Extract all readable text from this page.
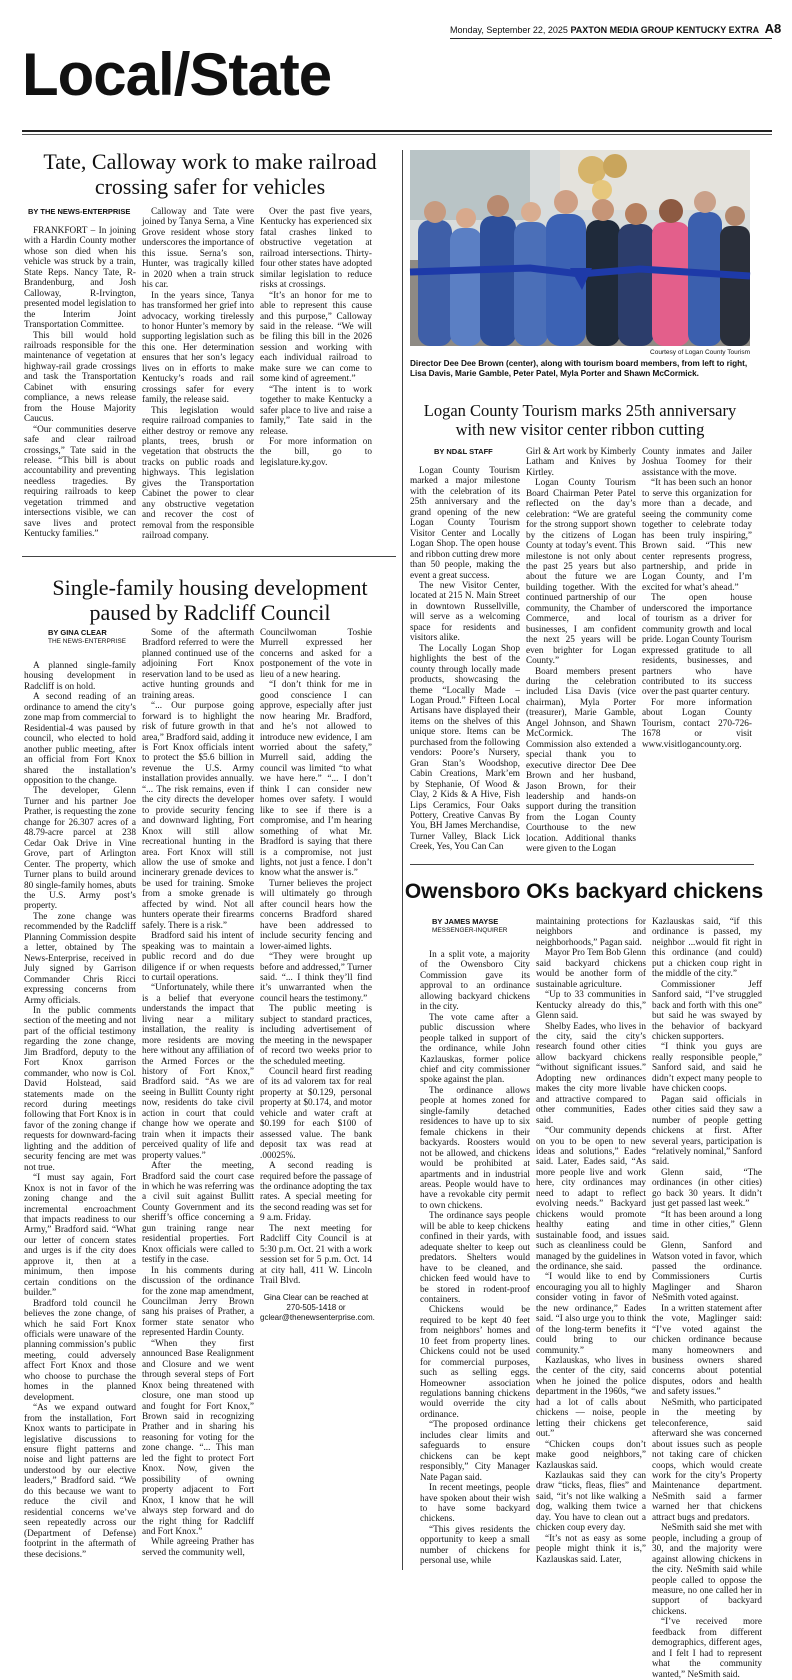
Monday, September 22, 2025 PAXTON MEDIA GROUP KENTUCKY EXTRA A8
Local/State
Tate, Calloway work to make railroad crossing safer for vehicles
BY THE NEWS-ENTERPRISE

FRANKFORT – In joining with a Hardin County mother whose son died when his vehicle was struck by a train, State Reps. Nancy Tate, R-Brandenburg, and Josh Calloway, R-Irvington, presented model legislation to the Interim Joint Transportation Committee.

This bill would hold railroads responsible for the maintenance of vegetation at highway-rail grade crossings and task the Transportation Cabinet with ensuring compliance, a news release from the House Majority Caucus.

“Our communities deserve safe and clear railroad crossings,” Tate said in the release. “This bill is about accountability and preventing needless tragedies. By requiring railroads to keep vegetation trimmed and intersections visible, we can save lives and protect Kentucky families.”

Calloway and Tate were joined by Tanya Serna, a Vine Grove resident whose story underscores the importance of this issue. Serna’s son, Hunter, was tragically killed in 2020 when a train struck his car.

In the years since, Tanya has transformed her grief into advocacy, working tirelessly to honor Hunter’s memory by supporting legislation such as this one. Her determination ensures that her son’s legacy lives on in efforts to make Kentucky’s roads and rail crossings safer for every family, the release said.

This legislation would require railroad companies to either destroy or remove any plants, trees, brush or vegetation that obstructs the tracks on public roads and highways. This legislation gives the Transportation Cabinet the power to clear any obstructive vegetation and recover the cost of removal from the responsible railroad company.

Over the past five years, Kentucky has experienced six fatal crashes linked to obstructive vegetation at railroad intersections. Thirty-four other states have adopted similar legislation to reduce risks at crossings.

“It’s an honor for me to able to represent this cause and this purpose,” Calloway said in the release. “We will be filing this bill in the 2026 session and working with each individual railroad to make sure we can come to some kind of agreement.”

“The intent is to work together to make Kentucky a safer place to live and raise a family,” Tate said in the release.

For more information on the bill, go to legislature.ky.gov.

Single-family housing development paused by Radcliff Council
BY GINA CLEAR
THE NEWS-ENTERPRISE

A planned single-family housing development in Radcliff is on hold.

A second reading of an ordinance to amend the city’s zone map from commercial to Residential-4 was paused by council, who elected to hold another public meeting, after an official from Fort Knox shared the installation’s opposition to the change.

The developer, Glenn Turner and his partner Joe Prather, is requesting the zone change for 26.307 acres of a 48.79-acre parcel at 238 Cedar Oak Drive in Vine Grove, part of Arlington Center. The property, which Turner plans to build around 80 single-family homes, abuts the U.S. Army post’s property.

The zone change was recommended by the Radcliff Planning Commission despite a letter, obtained by The News-Enterprise, received in July signed by Garrison Commander Chris Ricci expressing concerns from Army officials.

In the public comments section of the meeting and not part of the official testimony regarding the zone change, Jim Bradford, deputy to the Fort Knox garrison commander, who now is Col. David Holstead, said statements made on the record during meetings following that Fort Knox is in favor of the zoning change if requests for downward-facing lighting and the addition of security fencing are met was not true.

“I must say again, Fort Knox is not in favor of the zoning change and the incremental encroachment that impacts readiness to our Army,” Bradford said. “What our letter of concern states and urges is if the city does approve it, then at a minimum, then impose certain conditions on the builder.”

Bradford told council he believes the zone change, of which he said Fort Knox officials were unaware of the planning commission’s public meeting, could adversely affect Fort Knox and those who choose to purchase the homes in the planned development.

“As we expand outward from the installation, Fort Knox wants to participate in legislative discussions to ensure flight patterns and noise and light patterns are understood by our elective leaders,” Bradford said. “We do this because we want to reduce the civil and residential concerns we’ve seen repeatedly across our (Department of Defense) footprint in the aftermath of these decisions.”

Some of the aftermath Bradford referred to were the planned continued use of the adjoining Fort Knox reservation land to be used as active hunting grounds and training areas.

“... Our purpose going forward is to highlight the risk of future growth in that area,” Bradford said, adding it is Fort Knox officials intent to protect the $5.6 billion in revenue the U.S. Army installation provides annually. “... The risk remains, even if the city directs the developer to provide security fencing and downward lighting, Fort Knox will still allow recreational hunting in the area. Fort Knox will still allow the use of smoke and incinerary grenade devices to be used for training. Smoke from a smoke grenade is affected by wind. Not all hunters operate their firearms safely. There is a risk.”

Bradford said his intent of speaking was to maintain a public record and do due diligence if or when requests to curtail operations.

“Unfortunately, while there is a belief that everyone understands the impact that living near a military installation, the reality is more residents are moving here without any affiliation of the Armed Forces or the history of Fort Knox,” Bradford said. “As we are seeing in Bullitt County right now, residents do take civil action in court that could change how we operate and train when it impacts their perceived quality of life and property values.”

After the meeting, Bradford said the court case in which he was referring was a civil suit against Bullitt County Government and its sheriff’s office concerning a gun training range near residential properties. Fort Knox officials were called to testify in the case.

In his comments during discussion of the ordinance for the zone map amendment, Councilman Jerry Brown sang his praises of Prather, a former state senator who represented Hardin County.

“When they first announced Base Realignment and Closure and we went through several steps of Fort Knox being threatened with closure, one man stood up and fought for Fort Knox,” Brown said in recognizing Prather and in sharing his reasoning for voting for the zone change. “... This man led the fight to protect Fort Knox. Now, given the possibility of owning property adjacent to Fort Knox, I know that he will always step forward and do the right thing for Radcliff and Fort Knox.”

While agreeing Prather has served the community well,

Councilwoman Toshie Murrell expressed her concerns and asked for a postponement of the vote in lieu of a new hearing.

“I don’t think for me in good conscience I can approve, especially after just now hearing Mr. Bradford, and he’s not allowed to introduce new evidence, I am worried about the safety,” Murrell said, adding the council was limited “to what we have here.” “... I don’t think I can consider new homes over safety. I would like to see if there is a compromise, and I’m hearing something of what Mr. Bradford is saying that there is a compromise, not just lights, not just a fence. I don’t know what the answer is.”

Turner believes the project will ultimately go through after council hears how the concerns Bradford shared have been addressed to include security fencing and lower-aimed lights.

“They were brought up before and addressed,” Turner said. “... I think they’ll find it’s unwarranted when the council hears the testimony.”

The public meeting is subject to standard practices, including advertisement of the meeting in the newspaper of record two weeks prior to the scheduled meeting.

Council heard first reading of its ad valorem tax for real property at $0.129, personal property at $0.174, and motor vehicle and water craft at $0.199 for each $100 of assessed value. The bank deposit tax was read at .00025%.

A second reading is required before the passage of the ordinance adopting the tax rates. A special meeting for the second reading was set for 9 a.m. Friday.

The next meeting for Radcliff City Council is at 5:30 p.m. Oct. 21 with a work session set for 5 p.m. Oct. 14 at city hall, 411 W. Lincoln Trail Blvd.

Gina Clear can be reached at 270-505-1418 or gclear@thenewsenterprise.com.

Courtesy of Logan County Tourism
Director Dee Dee Brown (center), along with tourism board members, from left to right, Lisa Davis, Marie Gamble, Peter Patel, Myla Porter and Shawn McCormick.
Logan County Tourism marks 25th anniversary with new visitor center ribbon cutting
BY ND&L STAFF

Logan County Tourism marked a major milestone with the celebration of its 25th anniversary and the grand opening of the new Logan County Tourism Visitor Center and Locally Logan Shop. The open house and ribbon cutting drew more than 50 people, making the event a great success.

The new Visitor Center, located at 215 N. Main Street in downtown Russellville, will serve as a welcoming space for residents and visitors alike.

The Locally Logan Shop highlights the best of the county through locally made products, showcasing the theme “Locally Made – Logan Proud.” Fifteen Local Artisans have displayed their items on the shelves of this unique store. Items can be purchased from the following vendors: Poore’s Nursery, Gran Stan’s Woodshop, Cabin Creations, Mark’em by Stephanie, Of Wood & Clay, 2 Kids & A Hive, Fish Lips Ceramics, Four Oaks Pottery, Creative Canvas By You, BH James Merchandise, Turner Valley, Black Lick Creek, Yes, You Can Can

Girl & Art work by Kimberly Latham and Knives by Kirtley.

Logan County Tourism Board Chairman Peter Patel reflected on the day’s celebration: “We are grateful for the strong support shown by the citizens of Logan County at today’s event. This milestone is not only about the past 25 years but also about the future we are building together. With the continued partnership of our community, the Chamber of Commerce, and local businesses, I am confident the next 25 years will be even brighter for Logan County.”

Board members present during the celebration included Lisa Davis (vice chairman), Myla Porter (treasurer), Marie Gamble, Angel Johnson, and Shawn McCormick. The Commission also extended a special thank you to executive director Dee Dee Brown and her husband, Jason Brown, for their leadership and hands-on support during the transition from the Logan County Courthouse to the new location. Additional thanks were given to the Logan

County inmates and Jailer Joshua Toomey for their assistance with the move.

“It has been such an honor to serve this organization for more than a decade, and seeing the community come together to celebrate today has been truly inspiring,” Brown said. “This new center represents progress, partnership, and pride in Logan County, and I’m excited for what’s ahead.”

The open house underscored the importance of tourism as a driver for community growth and local pride. Logan County Tourism expressed gratitude to all residents, businesses, and partners who have contributed to its success over the past quarter century.

For more information about Logan County Tourism, contact 270-726-1678 or visit www.visitlogancounty.org.

Owensboro OKs backyard chickens
BY JAMES MAYSE
MESSENGER-INQUIRER

In a split vote, a majority of the Owensboro City Commission gave its approval to an ordinance allowing backyard chickens in the city.

The vote came after a public discussion where people talked in support of the ordinance, while John Kazlauskas, former police chief and city commissioner spoke against the plan.

The ordinance allows people at homes zoned for single-family detached residences to have up to six female chickens in their backyards. Roosters would not be allowed, and chickens would be prohibited at apartments and in industrial areas. People would have to have a revokable city permit to own chickens.

The ordinance says people will be able to keep chickens confined in their yards, with adequate shelter to keep out predators. Shelters would have to be cleaned, and chicken feed would have to be stored in rodent-proof containers.

Chickens would be required to be kept 40 feet from neighbors’ homes and 10 feet from property lines. Chickens could not be used for commercial purposes, such as selling eggs. Homeowner association regulations banning chickens would override the city ordinance.

“The proposed ordinance includes clear limits and safeguards to ensure chickens can be kept responsibly,” City Manager Nate Pagan said.

In recent meetings, people have spoken about their wish to have some backyard chickens.

“This gives residents the opportunity to keep a small number of chickens for personal use, while

maintaining protections for neighbors and neighborhoods,” Pagan said.

Mayor Pro Tem Bob Glenn said backyard chickens would be another form of sustainable agriculture.

“Up to 33 communities in Kentucky already do this,” Glenn said.

Shelby Eades, who lives in the city, said the city’s research found other cities allow backyard chickens “without significant issues.” Adopting new ordinances makes the city more livable and attractive compared to other communities, Eades said.

“Our community depends on you to be open to new ideas and solutions,” Eades said. Later, Eades said, “As more people live and work here, city ordinances may need to adapt to reflect evolving needs.” Backyard chickens would promote healthy eating and sustainable food, and issues such as cleanliness could be managed by the guidelines in the ordinance, she said.

“I would like to end by encouraging you all to highly consider voting in favor of the new ordinance,” Eades said. “I also urge you to think of the long-term benefits it could bring to our community.”

Kazlauskas, who lives in the center of the city, said when he joined the police department in the 1960s, “we had a lot of calls about chickens — noise, people letting their chickens get out.”

“Chicken coups don’t make good neighbors,” Kazlauskas said.

Kazlaukas said they can draw “ticks, fleas, flies” and said, “it’s not like walking a dog, walking them twice a day. You have to clean out a chicken coup every day.

“It’s not as easy as some people might think it is,” Kazlauskas said. Later,

Kazlauskas said, “if this ordinance is passed, my neighbor ...would fit right in this ordinance (and could) put a chicken coup right in the middle of the city.”

Commissioner Jeff Sanford said, “I’ve struggled back and forth with this one” but said he was swayed by the behavior of backyard chicken supporters.

“I think you guys are really responsible people,” Sanford said, and said he didn’t expect many people to have chicken coops.

Pagan said officials in other cities said they saw a number of people getting chickens at first. After several years, participation is “relatively nominal,” Sanford said.

Glenn said, “The ordinances (in other cities) go back 30 years. It didn’t just get passed last week.”

“It has been around a long time in other cities,” Glenn said.

Glenn, Sanford and Watson voted in favor, which passed the ordinance. Commissioners Curtis Maglinger and Sharon NeSmith voted against.

In a written statement after the vote, Maglinger said: “I’ve voted against the chicken ordinance because many homeowners and business owners shared concerns about potential disputes, odors and health and safety issues.”

NeSmith, who participated in the meeting by teleconference, said afterward she was concerned about issues such as people not taking care of chicken coops, which would create work for the city’s Property Maintenance department. NeSmith said a farmer warned her that chickens attract bugs and predators.

NeSmith said she met with people, including a group of 30, and the majority were against allowing chickens in the city. NeSmith said while people called to oppose the measure, no one called her in support of backyard chickens.

“I’ve received more feedback from different demographics, different ages, and I felt I had to represent what the community wanted,” NeSmith said.
